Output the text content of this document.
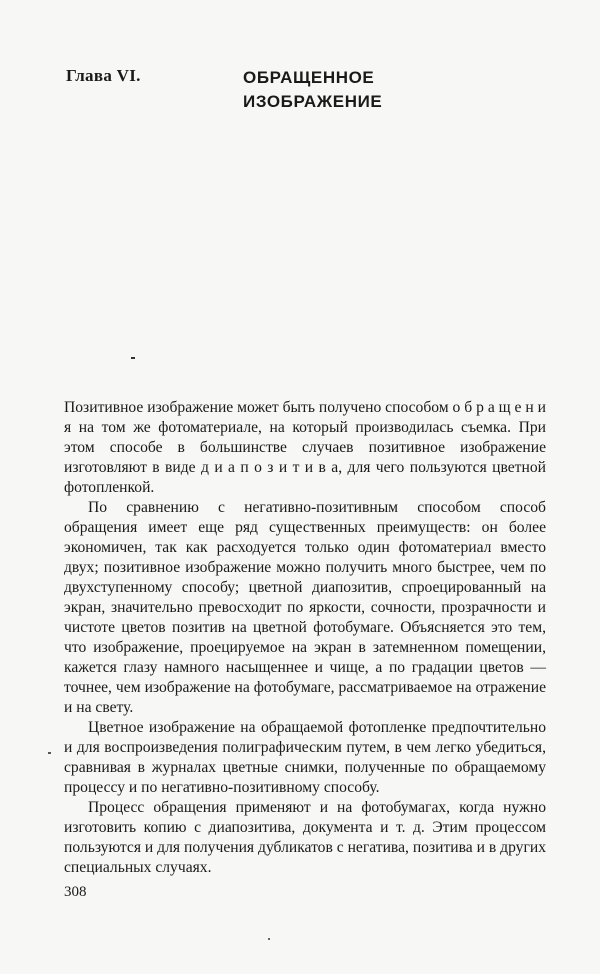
Глава VI.	ОБРАЩЕННОЕ
ИЗОБРАЖЕНИЕ

Позитивное изображение может быть получено способом о б р а щ е н и я на том же фотоматериале, на который производилась съемка. При этом способе в большинстве случаев позитивное изображение изготовляют в виде д и а п о з и т и в а, для чего пользуются цветной фотопленкой.

По сравнению с негативно-позитивным способом способ обращения имеет еще ряд существенных преимуществ: он более экономичен, так как расходуется только один фотоматериал вместо двух; позитивное изображение можно получить много быстрее, чем по двухступенному способу; цветной диапозитив, спроецированный на экран, значительно превосходит по яркости, сочности, прозрачности и чистоте цветов позитив на цветной фотобумаге. Объясняется это тем, что изображение, проецируемое на экран в затемненном помещении, кажется глазу намного насыщеннее и чище, а по градации цветов — точнее, чем изображение на фотобумаге, рассматриваемое на отражение и на свету.

Цветное изображение на обращаемой фотопленке предпочтительно и для воспроизведения полиграфическим путем, в чем легко убедиться, сравнивая в журналах цветные снимки, полученные по обращаемому процессу и по негативно-позитивному способу.

Процесс обращения применяют и на фотобумагах, когда нужно изготовить копию с диапозитива, документа и т. д. Этим процессом пользуются и для получения дубликатов с негатива, позитива и в других специальных случаях.

308
